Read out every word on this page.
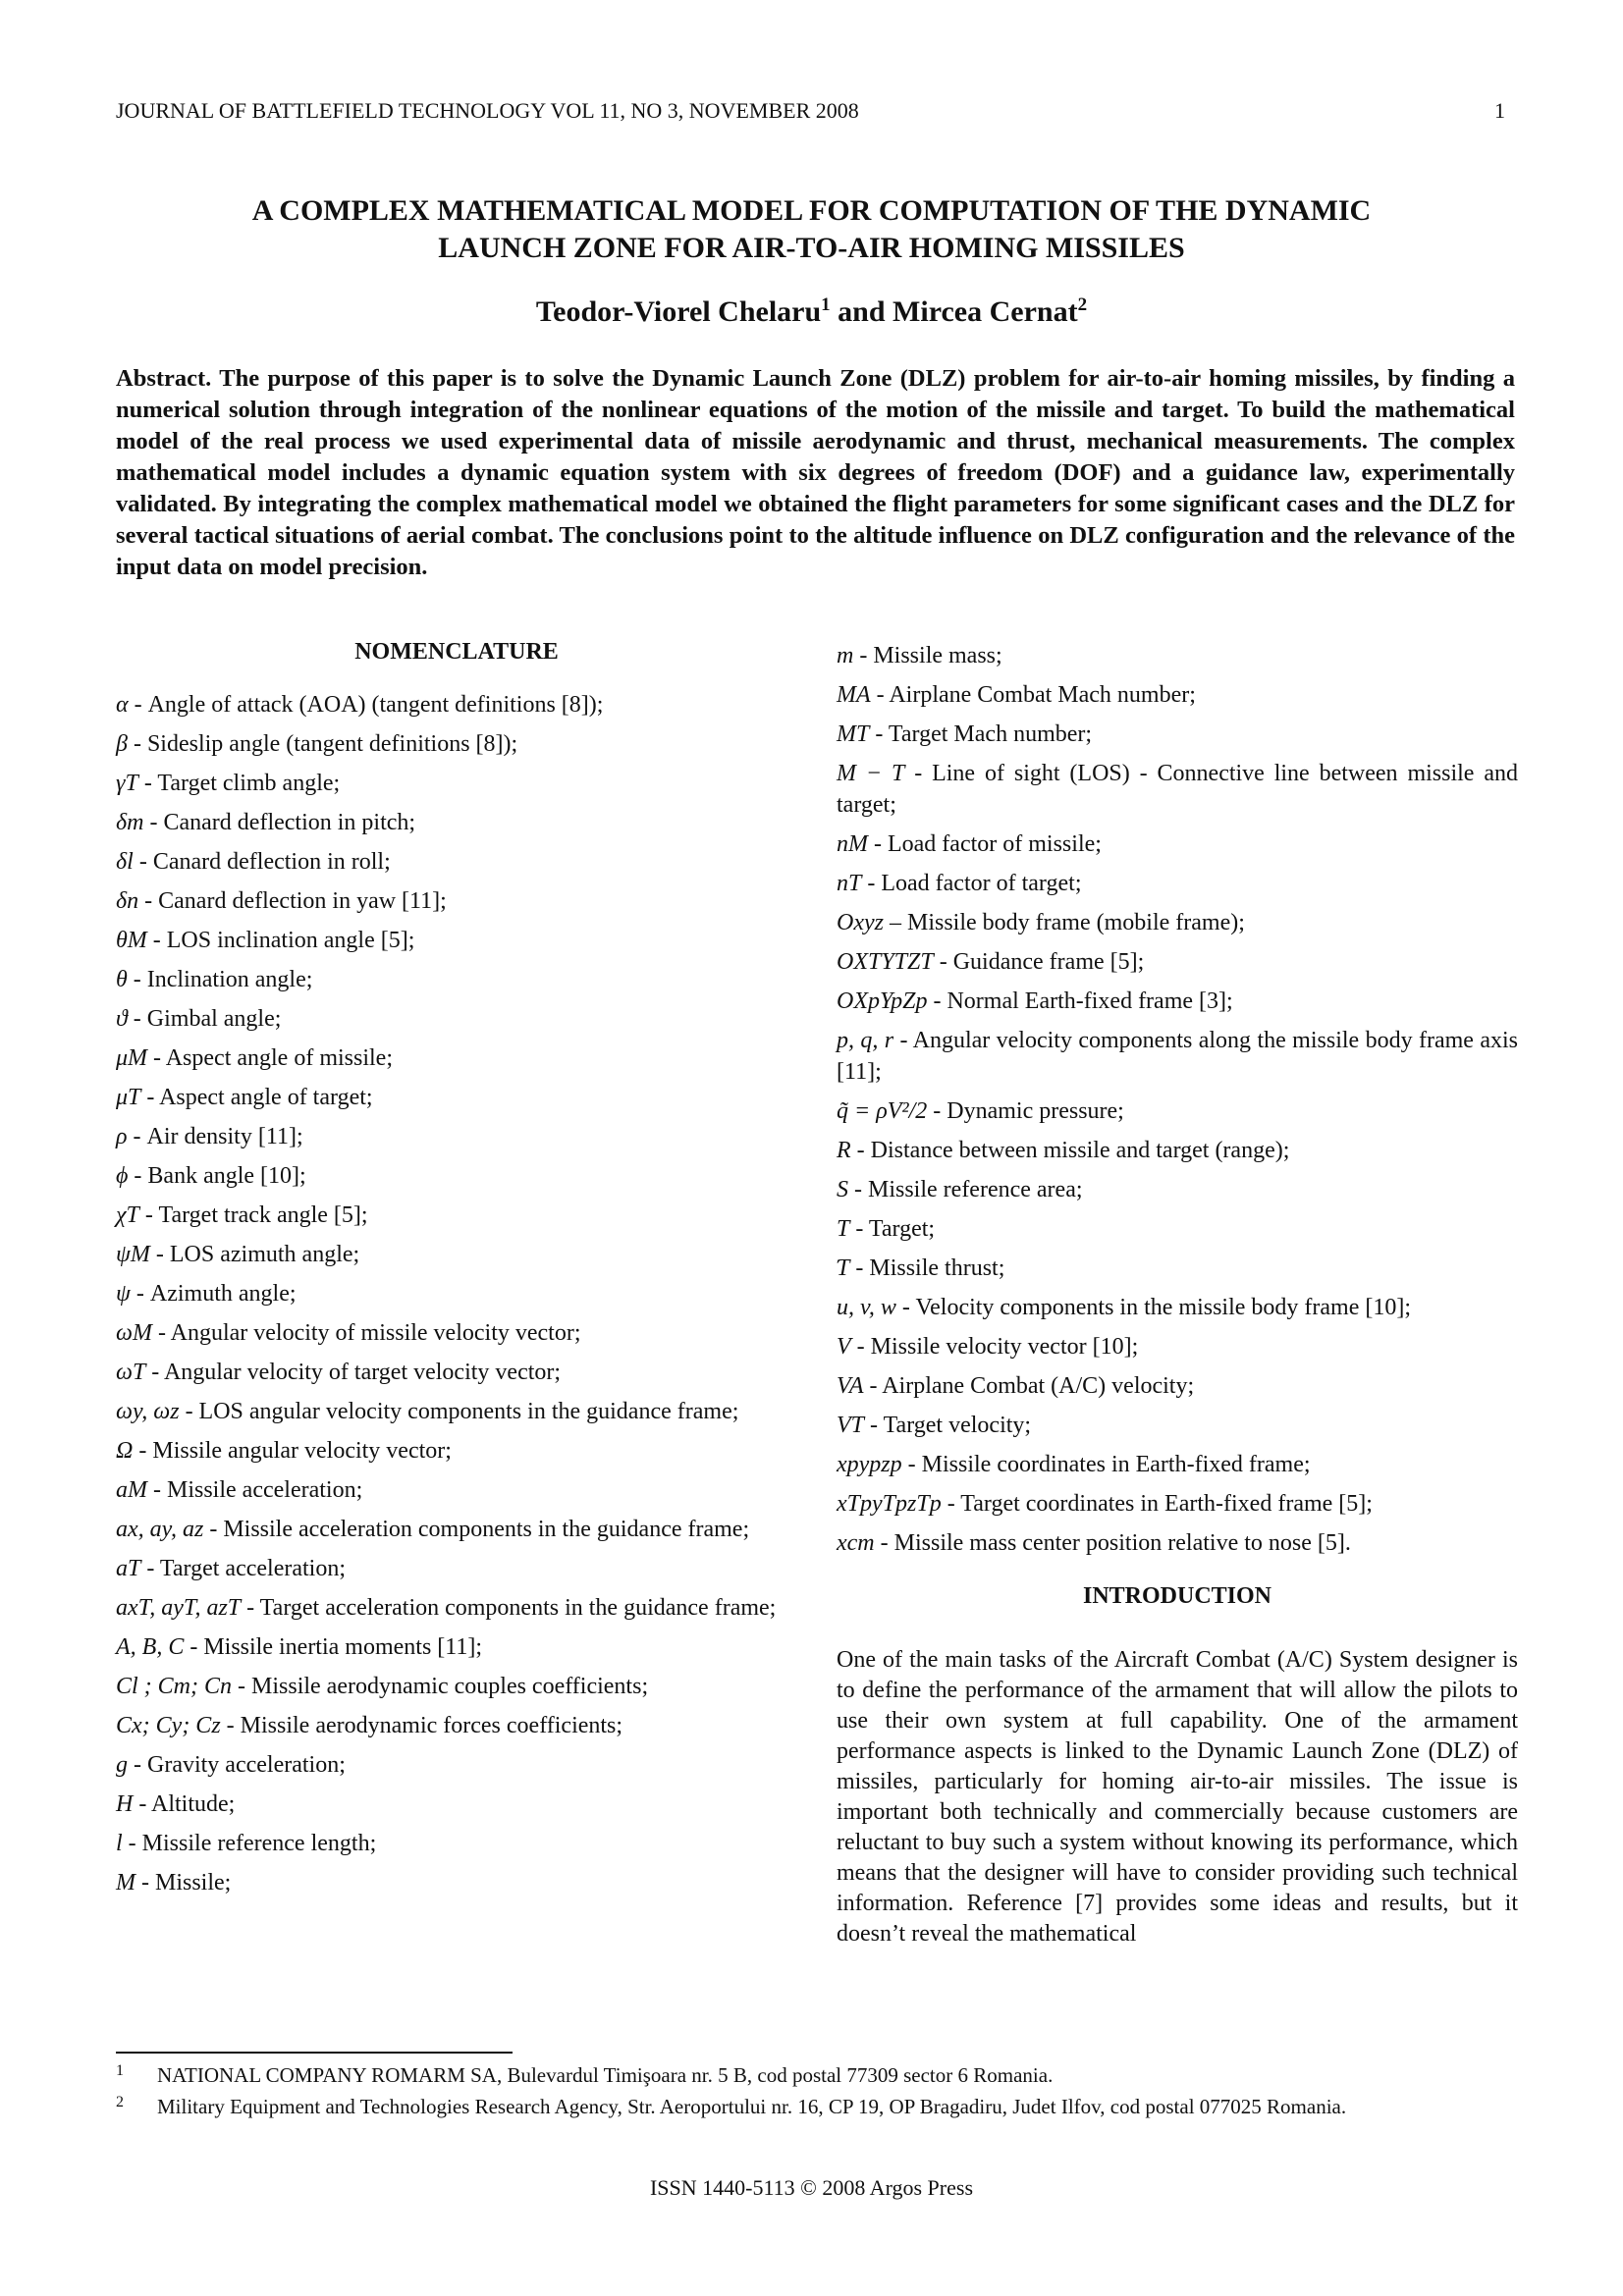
JOURNAL OF BATTLEFIELD TECHNOLOGY VOL 11, NO 3, NOVEMBER 2008	1
A COMPLEX MATHEMATICAL MODEL FOR COMPUTATION OF THE DYNAMIC
LAUNCH ZONE FOR AIR-TO-AIR HOMING MISSILES
Teodor-Viorel Chelaru$^1$ and Mircea Cernat$^2$
Abstract. The purpose of this paper is to solve the Dynamic Launch Zone (DLZ) problem for air-to-air homing missiles, by finding a numerical solution through integration of the nonlinear equations of the motion of the missile and target. To build the mathematical model of the real process we used experimental data of missile aerodynamic and thrust, mechanical measurements. The complex mathematical model includes a dynamic equation system with six degrees of freedom (DOF) and a guidance law, experimentally validated. By integrating the complex mathematical model we obtained the flight parameters for some significant cases and the DLZ for several tactical situations of aerial combat. The conclusions point to the altitude influence on DLZ configuration and the relevance of the input data on model precision.
NOMENCLATURE
α - Angle of attack (AOA) (tangent definitions [8]);
β - Sideslip angle (tangent definitions [8]);
γT - Target climb angle;
δm - Canard deflection in pitch;
δl - Canard deflection in roll;
δn - Canard deflection in yaw [11];
θM - LOS inclination angle [5];
θ - Inclination angle;
ϑ - Gimbal angle;
μM - Aspect angle of missile;
μT - Aspect angle of target;
ρ - Air density [11];
ϕ - Bank angle [10];
χT - Target track angle [5];
ψM - LOS azimuth angle;
ψ - Azimuth angle;
ωM - Angular velocity of missile velocity vector;
ωT - Angular velocity of target velocity vector;
ωy, ωz - LOS angular velocity components in the guidance frame;
Ω - Missile angular velocity vector;
aM - Missile acceleration;
ax, ay, az - Missile acceleration components in the guidance frame;
aT - Target acceleration;
axT, ayT, azT - Target acceleration components in the guidance frame;
A, B, C - Missile inertia moments [11];
Cl ; Cm; Cn - Missile aerodynamic couples coefficients;
Cx; Cy; Cz - Missile aerodynamic forces coefficients;
g - Gravity acceleration;
H - Altitude;
l - Missile reference length;
M - Missile;
m - Missile mass;
MA - Airplane Combat Mach number;
MT - Target Mach number;
M − T - Line of sight (LOS) - Connective line between missile and target;
nM - Load factor of missile;
nT - Load factor of target;
Oxyz – Missile body frame (mobile frame);
OXTYTZT - Guidance frame [5];
OXpYpZp - Normal Earth-fixed frame [3];
p, q, r - Angular velocity components along the missile body frame axis [11];
q̃ = ρV²/2 - Dynamic pressure;
R - Distance between missile and target (range);
S - Missile reference area;
T - Target;
Ƭ - Missile thrust;
u, v, w - Velocity components in the missile body frame [10];
V - Missile velocity vector [10];
VA - Airplane Combat (A/C) velocity;
VT - Target velocity;
xpypzp - Missile coordinates in Earth-fixed frame;
xTpyTpzTp - Target coordinates in Earth-fixed frame [5];
xcm - Missile mass center position relative to nose [5].
INTRODUCTION
One of the main tasks of the Aircraft Combat (A/C) System designer is to define the performance of the armament that will allow the pilots to use their own system at full capability. One of the armament performance aspects is linked to the Dynamic Launch Zone (DLZ) of missiles, particularly for homing air-to-air missiles. The issue is important both technically and commercially because customers are reluctant to buy such a system without knowing its performance, which means that the designer will have to consider providing such technical information. Reference [7] provides some ideas and results, but it doesn’t reveal the mathematical
1 NATIONAL COMPANY ROMARM SA, Bulevardul Timişoara nr. 5 B, cod postal 77309 sector 6 Romania.
2 Military Equipment and Technologies Research Agency, Str. Aeroportului nr. 16, CP 19, OP Bragadiru, Judet Ilfov, cod postal 077025 Romania.
ISSN 1440-5113 © 2008 Argos Press
